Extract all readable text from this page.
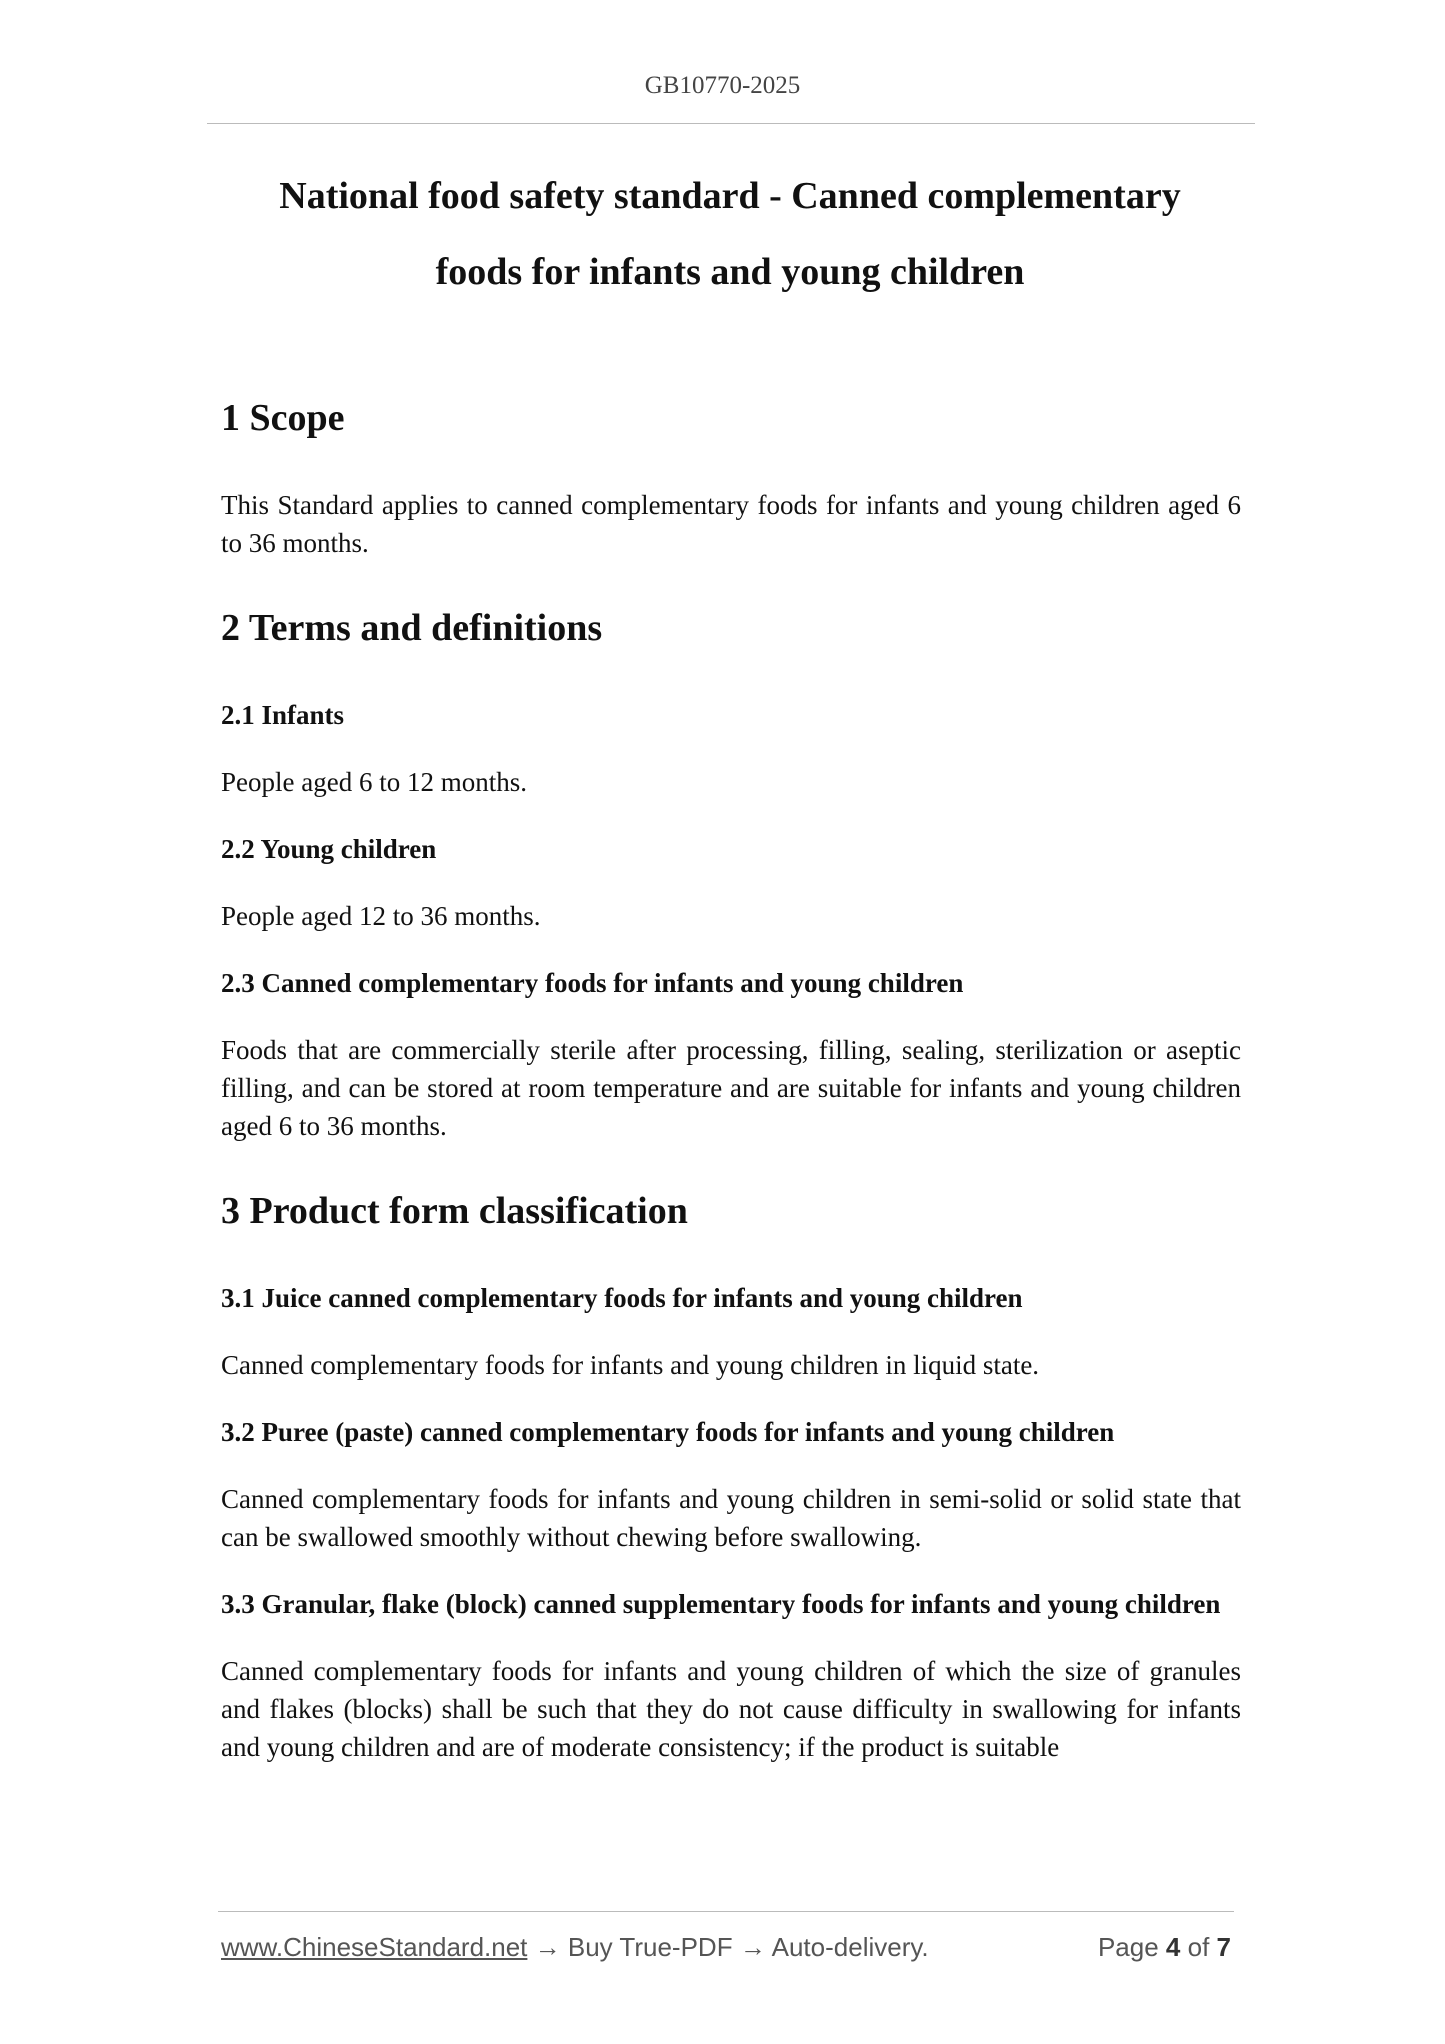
GB10770-2025
National food safety standard - Canned complementary
foods for infants and young children
1 Scope

This Standard applies to canned complementary foods for infants and young children aged 6 to 36 months.

2 Terms and definitions
2.1 Infants

People aged 6 to 12 months.

2.2 Young children

People aged 12 to 36 months.

2.3 Canned complementary foods for infants and young children

Foods that are commercially sterile after processing, filling, sealing, sterilization or aseptic filling, and can be stored at room temperature and are suitable for infants and young children aged 6 to 36 months.

3 Product form classification
3.1 Juice canned complementary foods for infants and young children

Canned complementary foods for infants and young children in liquid state.

3.2 Puree (paste) canned complementary foods for infants and young children

Canned complementary foods for infants and young children in semi-solid or solid state that can be swallowed smoothly without chewing before swallowing.

3.3 Granular, flake (block) canned supplementary foods for infants and young children

Canned complementary foods for infants and young children of which the size of granules and flakes (blocks) shall be such that they do not cause difficulty in swallowing for infants and young children and are of moderate consistency; if the product is suitable

www.ChineseStandard.net → Buy True-PDF → Auto-delivery.	Page 4 of 7
